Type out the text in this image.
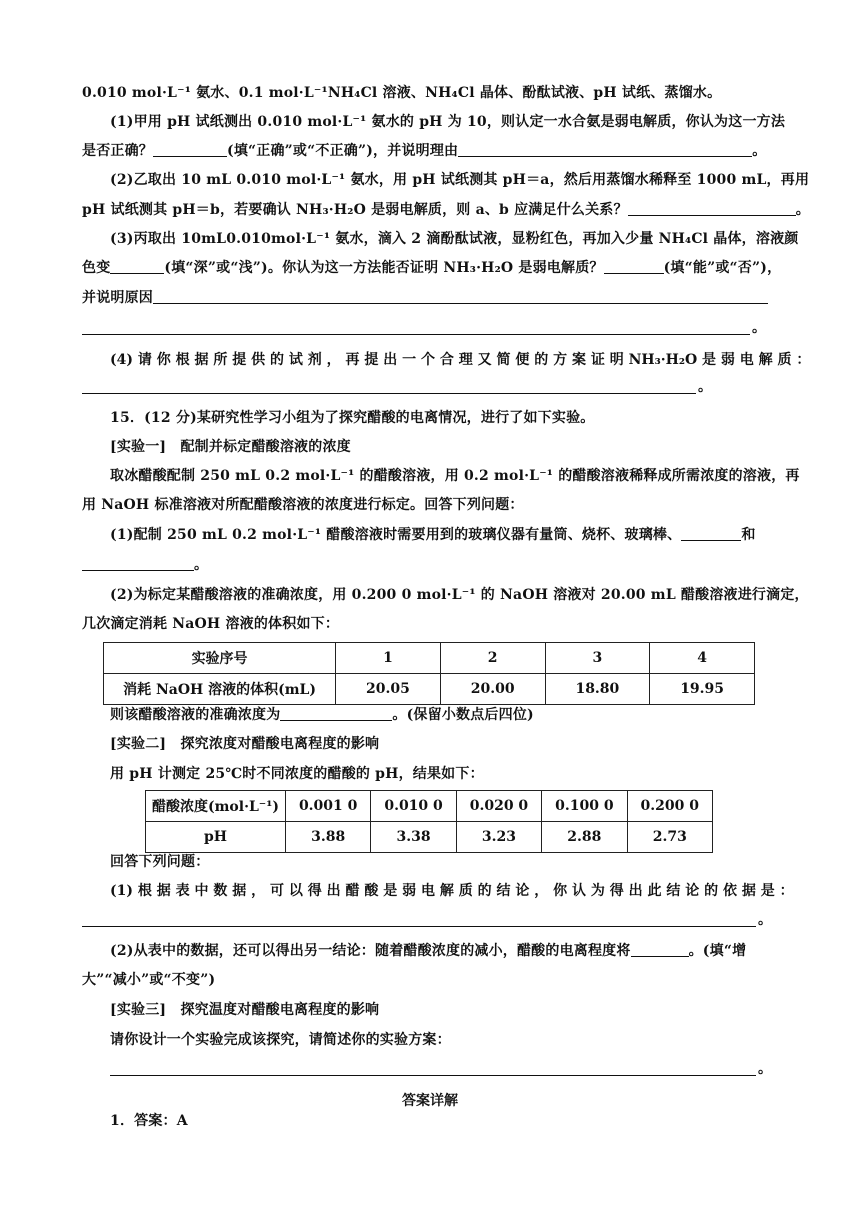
0.010 mol·L⁻¹ 氨水、0.1 mol·L⁻¹NH₄Cl 溶液、NH₄Cl 晶体、酚酞试液、pH 试纸、蒸馏水。
(1)甲用 pH 试纸测出 0.010 mol·L⁻¹ 氨水的 pH 为 10，则认定一水合氨是弱电解质，你认为这一方法
是否正确？	(填“正确”或“不正确”)，并说明理由	。
(2)乙取出 10 mL 0.010 mol·L⁻¹ 氨水，用 pH 试纸测其 pH＝a，然后用蒸馏水稀释至 1000 mL，再用
pH 试纸测其 pH＝b，若要确认 NH₃·H₂O 是弱电解质，则 a、b 应满足什么关系？	。
(3)丙取出 10mL0.010mol·L⁻¹ 氨水，滴入 2 滴酚酞试液，显粉红色，再加入少量 NH₄Cl 晶体，溶液颜
色变	(填“深”或“浅”)。你认为这一方法能否证明 NH₃·H₂O 是弱电解质？	(填“能”或“否”)，
并说明原因
。
(4) 请 你 根 据 所 提 供 的 试 剂 ， 再 提 出 一 个 合 理 又 简 便 的 方 案 证 明 NH₃·H₂O 是 弱 电 解 质 ：
。
15．(12 分)某研究性学习小组为了探究醋酸的电离情况，进行了如下实验。
[实验一]　配制并标定醋酸溶液的浓度
取冰醋酸配制 250 mL 0.2 mol·L⁻¹ 的醋酸溶液，用 0.2 mol·L⁻¹ 的醋酸溶液稀释成所需浓度的溶液，再
用 NaOH 标准溶液对所配醋酸溶液的浓度进行标定。回答下列问题：
(1)配制 250 mL 0.2 mol·L⁻¹ 醋酸溶液时需要用到的玻璃仪器有量筒、烧杯、玻璃棒、	和
。
(2)为标定某醋酸溶液的准确浓度，用 0.200 0 mol·L⁻¹ 的 NaOH 溶液对 20.00 mL 醋酸溶液进行滴定，
几次滴定消耗 NaOH 溶液的体积如下：
实验序号	1	2	3	4
消耗 NaOH 溶液的体积(mL)	20.05	20.00	18.80	19.95
则该醋酸溶液的准确浓度为	。(保留小数点后四位)
[实验二]　探究浓度对醋酸电离程度的影响
用 pH 计测定 25℃时不同浓度的醋酸的 pH，结果如下：
醋酸浓度(mol·L⁻¹)	0.001 0	0.010 0	0.020 0	0.100 0	0.200 0
pH	3.88	3.38	3.23	2.88	2.73
回答下列问题：
(1) 根 据 表 中 数 据 ， 可 以 得 出 醋 酸 是 弱 电 解 质 的 结 论 ， 你 认 为 得 出 此 结 论 的 依 据 是 ：
。
(2)从表中的数据，还可以得出另一结论：随着醋酸浓度的减小，醋酸的电离程度将	。(填“增
大”“减小”或“不变”)
[实验三]　探究温度对醋酸电离程度的影响
请你设计一个实验完成该探究，请简述你的实验方案：
。
答案详解
1．答案：A
